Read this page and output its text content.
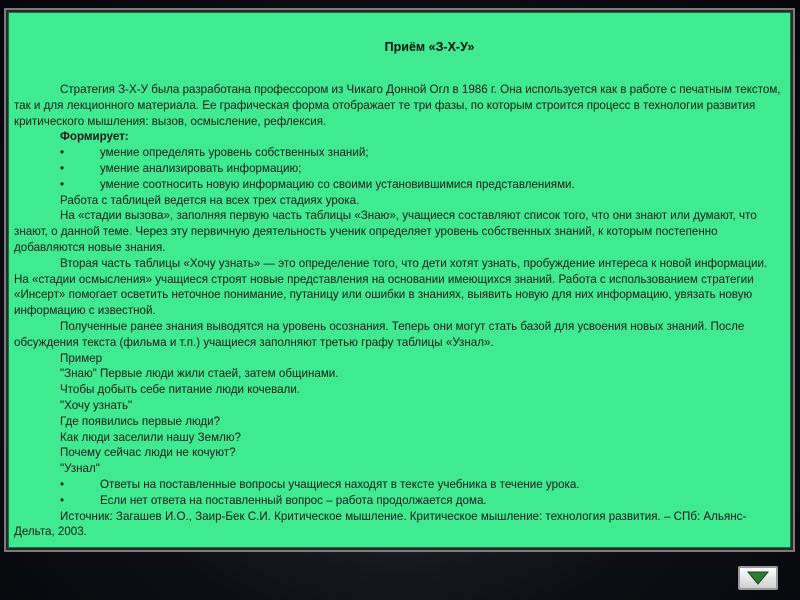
Приём «З-Х-У»

Стратегия З-Х-У была разработана профессором из Чикаго Донной Огл в 1986 г. Она используется как в работе с печатным текстом, так и для лекционного материала. Ее графическая форма отображает те три фазы, по которым строится процесс в технологии развития критического мышления: вызов, осмысление, рефлексия.

Формирует:

•	умение определять уровень собственных знаний;
•	умение анализировать информацию;
•	умение соотносить новую информацию со своими установившимися представлениями.

Работа с таблицей ведется на всех трех стадиях урока.

На «стадии вызова», заполняя первую часть таблицы «Знаю», учащиеся составляют список того, что они знают или думают, что знают, о данной теме. Через эту первичную деятельность ученик определяет уровень собственных знаний, к которым постепенно добавляются новые знания.

Вторая часть таблицы «Хочу узнать» — это определение того, что дети хотят узнать, пробуждение интереса к новой информации. На «стадии осмысления» учащиеся строят новые представления на основании имеющихся знаний. Работа с использованием стратегии «Инсерт» помогает осветить неточное понимание, путаницу или ошибки в знаниях, выявить новую для них информацию, увязать новую информацию с известной.

Полученные ранее знания выводятся на уровень осознания. Теперь они могут стать базой для усвоения новых знаний. После обсуждения текста (фильма и т.п.) учащиеся заполняют третью графу таблицы «Узнал».

Пример

"Знаю" Первые люди жили стаей, затем общинами.

Чтобы добыть себе питание люди кочевали.

"Хочу узнать"

Где появились первые люди?

Как люди заселили нашу Землю?

Почему сейчас люди не кочуют?

"Узнал"

•	Ответы на поставленные вопросы учащиеся находят в тексте учебника в течение урока.
•	Если нет ответа на поставленный вопрос – работа продолжается дома.

Источник: Загашев И.О., Заир-Бек С.И. Критическое мышление. Критическое мышление: технология развития. – СПб: Альянс-Дельта, 2003.
